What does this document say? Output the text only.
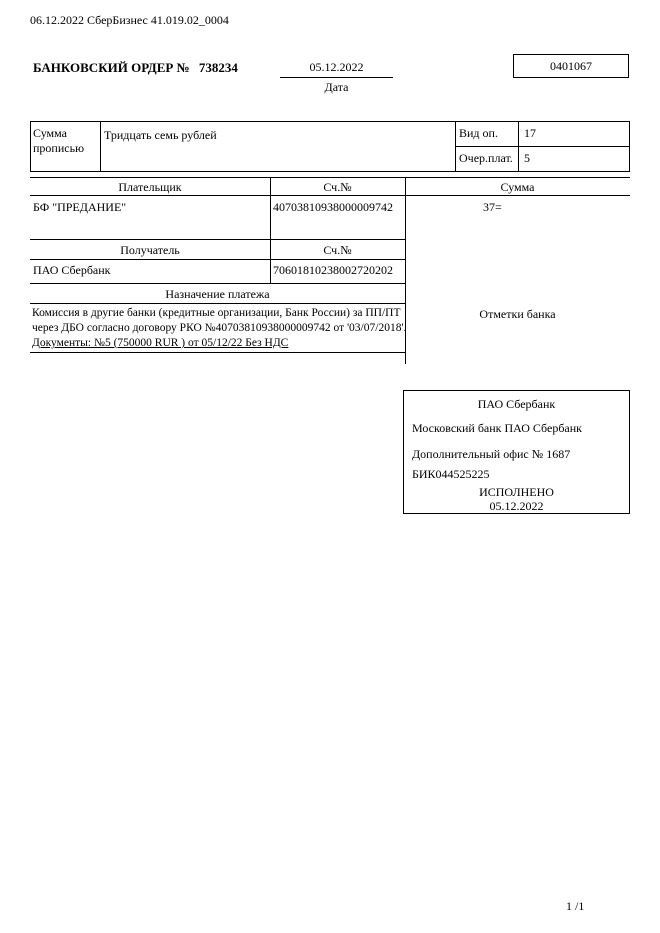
06.12.2022 СберБизнес 41.019.02_0004
БАНКОВСКИЙ ОРДЕР № 738234	05.12.2022
Дата
0401067
Сумма прописью
Тридцать семь рублей	Вид оп. 17
Очер.плат. 5
Плательщик	Сч.№	Сумма
БФ "ПРЕДАНИЕ"	40703810938000009742	37=
Получатель	Сч.№
ПАО Сбербанк	70601810238002720202
Назначение платежа
Комиссия в другие банки (кредитные организации, Банк России) за ПП/ПТ
через ДБО согласно договору РКО №40703810938000009742 от '03/07/2018'.
Документы: №5 (750000 RUR ) от 05/12/22 Без НДС
Отметки банка
ПАО Сбербанк
Московский банк ПАО Сбербанк
Дополнительный офис № 1687
БИК044525225
ИСПОЛНЕНО
05.12.2022
1 /1
